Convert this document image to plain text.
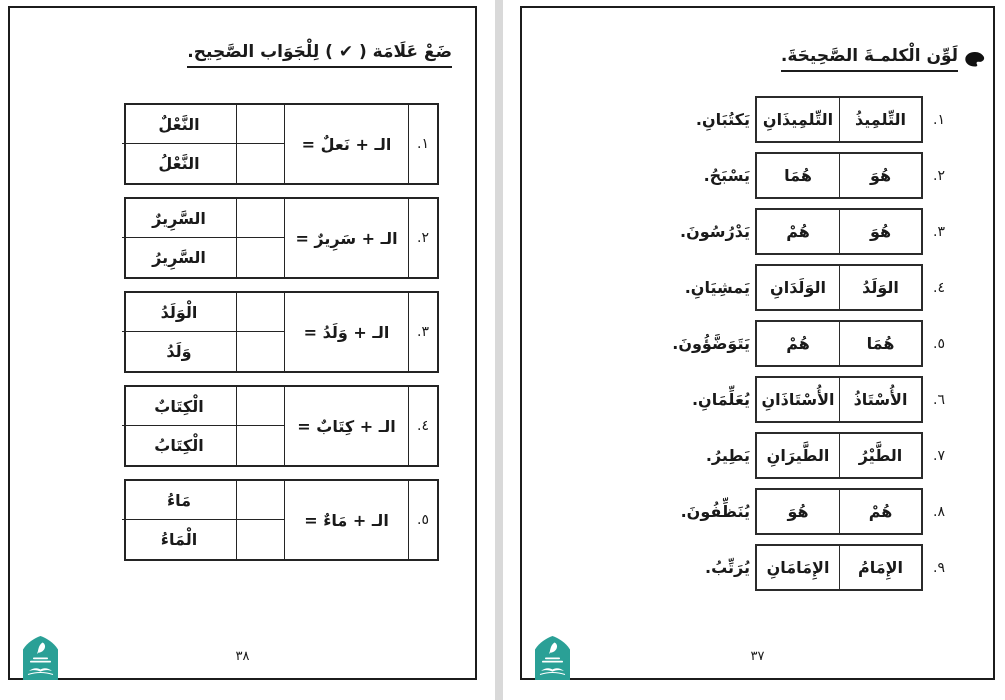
ضَعْ عَلَامَة ( ✔ ) لِلْجَوَاب الصَّحِيح.
١.
الـ + نَعلٌ =
النَّعْلٌ
النَّعْلُ
٢.
الـ + سَرِيرٌ =
السَّرِيرٌ
السَّرِيرُ
٣.
الـ + وَلَدُ =
الْوَلَدُ
وَلَدُ
٤.
الـ + كِتَابٌ =
الْكِتَابٌ
الْكِتَابُ
٥.
الـ + مَاءٌ =
مَاءُ
الْمَاءُ
٣٨
لَوِّن الْكلمـةَ الصَّحِيحَةَ.
١.
التِّلمِيذُ
التِّلمِيذَانِ
يَكتُبَانِ.
٢.
هُوَ
هُمَا
يَسْبَحُ.
٣.
هُوَ
هُمْ
يَدْرُسُونَ.
٤.
الوَلَدُ
الوَلَدَانِ
يَمشِيَانِ.
٥.
هُمَا
هُمْ
يَتَوَضَّؤُونَ.
٦.
الأُسْتَاذُ
الأُسْتَاذَانِ
يُعَلِّمَانِ.
٧.
الطَّيْرُ
الطَّيرَانِ
يَطِيرُ.
٨.
هُمْ
هُوَ
يُنَظِّفُونَ.
٩.
الإِمَامُ
الإِمَامَانِ
يُرَتِّبُ.
٣٧
